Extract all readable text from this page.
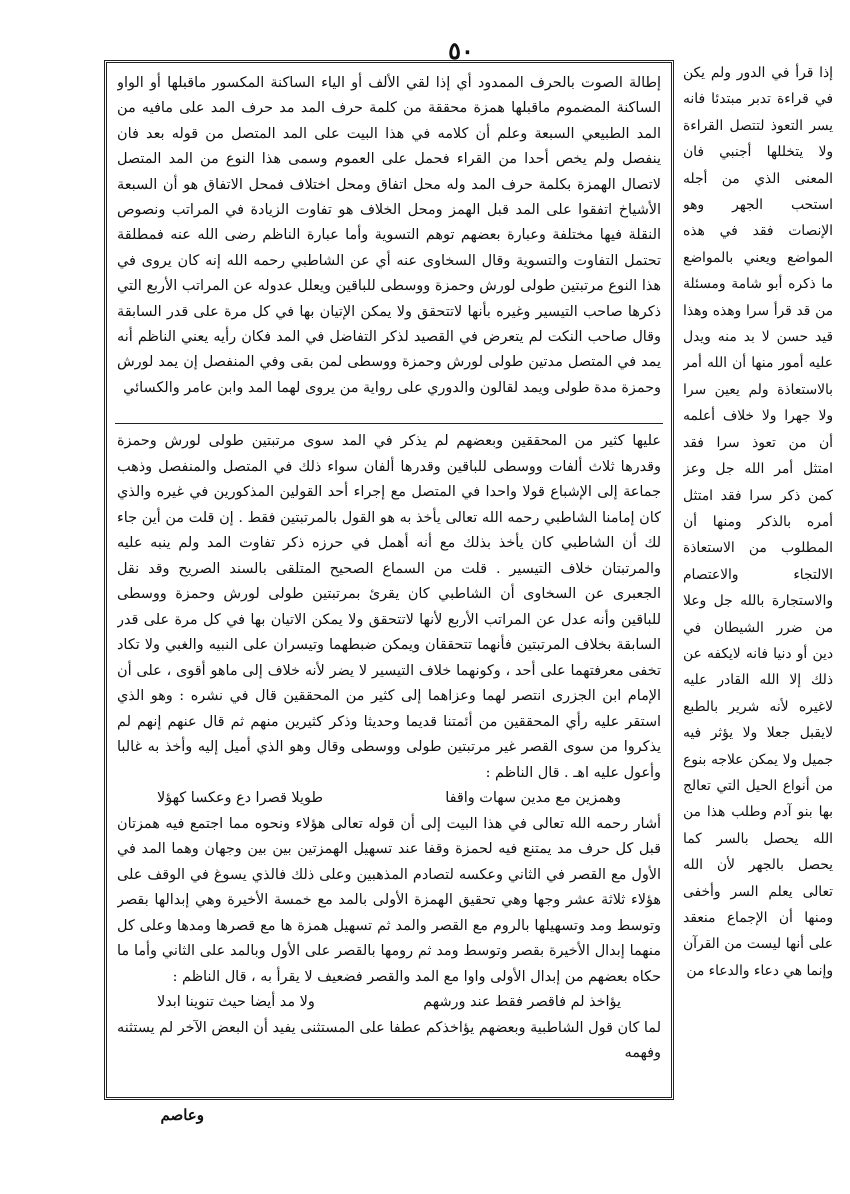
٥٠

إطالة الصوت بالحرف الممدود أي إذا لقي الألف أو الياء الساكنة المكسور ماقبلها أو الواو الساكنة المضموم ماقبلها همزة محققة من كلمة حرف المد مد حرف المد على مافيه من المد الطبيعي السبعة وعلم أن كلامه في هذا البيت على المد المتصل من قوله بعد فان ينفصل ولم يخص أحدا من القراء فحمل على العموم وسمى هذا النوع من المد المتصل لاتصال الهمزة بكلمة حرف المد وله محل اتفاق ومحل اختلاف فمحل الاتفاق هو أن السبعة الأشياخ اتفقوا على المد قبل الهمز ومحل الخلاف هو تفاوت الزيادة في المراتب ونصوص النقلة فيها مختلفة وعبارة بعضهم توهم التسوية وأما عبارة الناظم رضى الله عنه فمطلقة تحتمل التفاوت والتسوية وقال السخاوى عنه أي عن الشاطبي رحمه الله إنه كان يروى في هذا النوع مرتبتين طولى لورش وحمزة ووسطى للباقين ويعلل عدوله عن المراتب الأربع التي ذكرها صاحب التيسير وغيره بأنها لاتتحقق ولا يمكن الإتيان بها في كل مرة على قدر السابقة وقال صاحب النكت لم يتعرض في القصيد لذكر التفاضل في المد فكان رأيه يعني الناظم أنه يمد في المتصل مدتين طولى لورش وحمزة ووسطى لمن بقى وفي المنفصل إن يمد لورش وحمزة مدة طولى ويمد لقالون والدوري على رواية من يروى لهما المد وابن عامر والكسائي

عليها كثير من المحققين وبعضهم لم يذكر في المد سوى مرتبتين طولى لورش وحمزة وقدرها ثلاث ألفات ووسطى للباقين وقدرها ألفان سواء ذلك في المتصل والمنفصل وذهب جماعة إلى الإشباع قولا واحدا في المتصل مع إجراء أحد القولين المذكورين في غيره والذي كان إمامنا الشاطبي رحمه الله تعالى يأخذ به هو القول بالمرتبتين فقط . إن قلت من أين جاء لك أن الشاطبي كان يأخذ بذلك مع أنه أهمل في حرزه ذكر تفاوت المد ولم ينبه عليه والمرتبتان خلاف التيسير . قلت من السماع الصحيح المتلقى بالسند الصريح وقد نقل الجعبرى عن السخاوى أن الشاطبي كان يقرئ بمرتبتين طولى لورش وحمزة ووسطى للباقين وأنه عدل عن المراتب الأربع لأنها لاتتحقق ولا يمكن الاتيان بها في كل مرة على قدر السابقة بخلاف المرتبتين فأنهما تتحققان ويمكن ضبطهما وتيسران على النبيه والغبي ولا تكاد تخفى معرفتهما على أحد ، وكونهما خلاف التيسير لا يضر لأنه خلاف إلى ماهو أقوى ، على أن الإمام ابن الجزرى انتصر لهما وعزاهما إلى كثير من المحققين قال في نشره : وهو الذي استقر عليه رأي المحققين من أئمتنا قديما وحديثا وذكر كثيرين منهم ثم قال عنهم إنهم لم يذكروا من سوى القصر غير مرتبتين طولى ووسطى وقال وهو الذي أميل إليه وأخذ به غالبا وأعول عليه اهـ . قال الناظم :

وهمزين مع مدين سهات واقفا
طويلا قصرا دع وعكسا كهؤلا

أشار رحمه الله تعالى في هذا البيت إلى أن قوله تعالى هؤلاء ونحوه مما اجتمع فيه همزتان قبل كل حرف مد يمتنع فيه لحمزة وقفا عند تسهيل الهمزتين بين بين وجهان وهما المد في الأول مع القصر في الثاني وعكسه لتصادم المذهبين وعلى ذلك فالذي يسوغ في الوقف على هؤلاء ثلاثة عشر وجها وهي تحقيق الهمزة الأولى بالمد مع خمسة الأخيرة وهي إبدالها بقصر وتوسط ومد وتسهيلها بالروم مع القصر والمد ثم تسهيل همزة ها مع قصرها ومدها وعلى كل منهما إبدال الأخيرة بقصر وتوسط ومد ثم رومها بالقصر على الأول وبالمد على الثاني وأما ما حكاه بعضهم من إبدال الأولى واوا مع المد والقصر فضعيف لا يقرأ به ، قال الناظم :

يؤاخذ لم فاقصر فقط عند ورشهم
ولا مد أيضا حيث تنوينا ابدلا

لما كان قول الشاطبية وبعضهم يؤاخذكم عطفا على المستثنى يفيد أن البعض الآخر لم يستثنه وفهمه

إذا قرأ في الدور ولم يكن في قراءة تدبر مبتدئا فانه يسر التعوذ لتتصل القراءة ولا يتخللها أجنبي فان المعنى الذي من أجله استحب الجهر وهو الإنصات فقد في هذه المواضع ويعني بالمواضع ما ذكره أبو شامة ومسئلة من قد قرأ سرا وهذه وهذا قيد حسن لا بد منه ويدل عليه أمور منها أن الله أمر بالاستعاذة ولم يعين سرا ولا جهرا ولا خلاف أعلمه أن من تعوذ سرا فقد امتثل أمر الله جل وعز كمن ذكر سرا فقد امتثل أمره بالذكر ومنها أن المطلوب من الاستعاذة الالتجاء والاعتصام والاستجارة بالله جل وعلا من ضرر الشيطان في دين أو دنيا فانه لايكفه عن ذلك إلا الله القادر عليه لاغيره لأنه شرير بالطبع لايقبل جعلا ولا يؤثر فيه جميل ولا يمكن علاجه بنوع من أنواع الحيل التي تعالج بها بنو آدم وطلب هذا من الله يحصل بالسر كما يحصل بالجهر لأن الله تعالى يعلم السر وأخفى ومنها أن الإجماع منعقد على أنها ليست من القرآن وإنما هي دعاء والدعاء من

وعاصم
